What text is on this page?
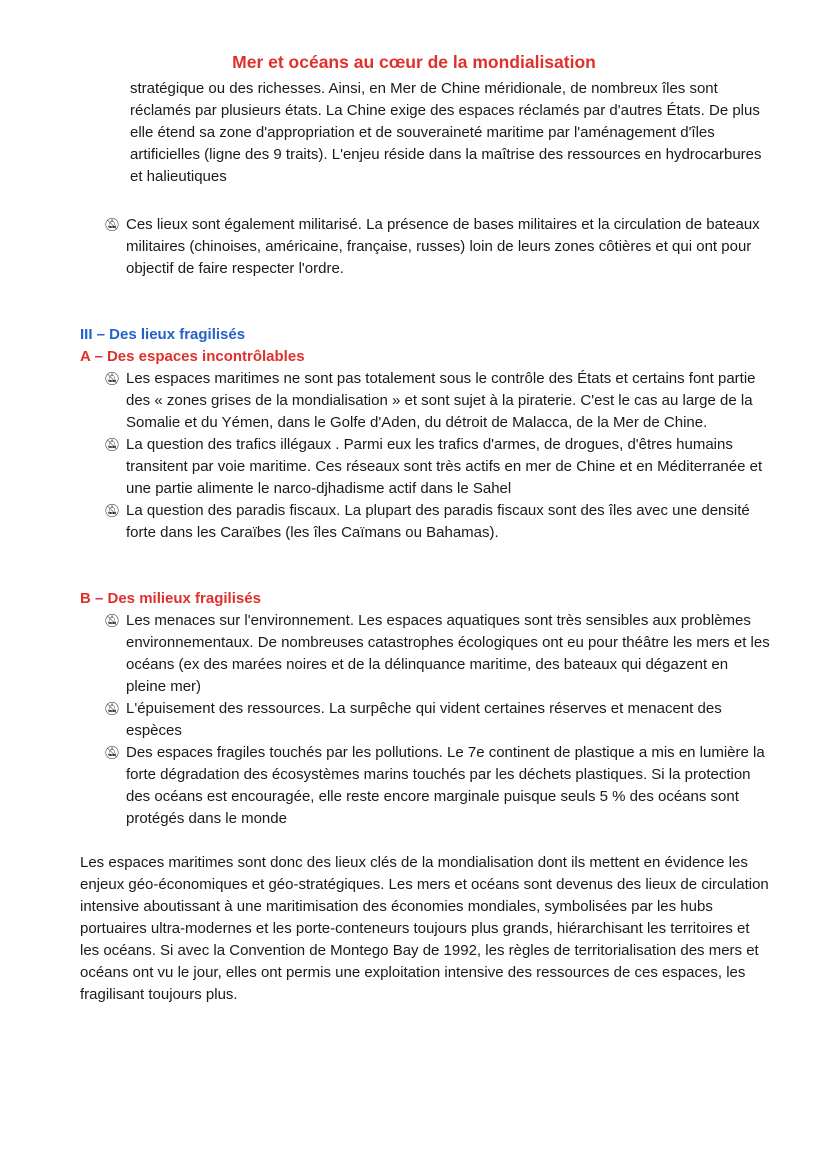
Mer et océans au cœur de la mondialisation

stratégique ou des richesses. Ainsi, en Mer de Chine méridionale, de nombreux îles sont réclamés par plusieurs états. La Chine exige des espaces réclamés par d'autres États. De plus elle étend sa zone d'appropriation et de souveraineté maritime par l'aménagement d'îles artificielles (ligne des 9 traits). L'enjeu réside dans la maîtrise des ressources en hydrocarbures et halieutiques

🔕︎ Ces lieux sont également militarisé. La présence de bases militaires et la circulation de bateaux militaires (chinoises, américaine, française, russes) loin de leurs zones côtières et qui ont pour objectif de faire respecter l'ordre.
III – Des lieux fragilisés
A – Des espaces incontrôlables
🔕︎ Les espaces maritimes ne sont pas totalement sous le contrôle des États et certains font partie des « zones grises de la mondialisation » et sont sujet à la piraterie. C'est le cas au large de la Somalie et du Yémen, dans le Golfe d'Aden, du détroit de Malacca, de la Mer de Chine.
🔕︎ La question des trafics illégaux . Parmi eux les trafics d'armes, de drogues, d'êtres humains transitent par voie maritime. Ces réseaux sont très actifs en mer de Chine et en Méditerranée et une partie alimente le narco-djhadisme actif dans le Sahel
🔕︎ La question des paradis fiscaux. La plupart des paradis fiscaux sont des îles avec une densité forte dans les Caraïbes (les îles Caïmans ou Bahamas).
B – Des milieux fragilisés
🔕︎ Les menaces sur l'environnement. Les espaces aquatiques sont très sensibles aux problèmes environnementaux. De nombreuses catastrophes écologiques ont eu pour théâtre les mers et les océans (ex des marées noires et de la délinquance maritime, des bateaux qui dégazent en pleine mer)
🔕︎ L'épuisement des ressources. La surpêche qui vident certaines réserves et menacent des espèces
🔕︎ Des espaces fragiles touchés par les pollutions. Le 7e continent de plastique a mis en lumière la forte dégradation des écosystèmes marins touchés par les déchets plastiques. Si la protection des océans est encouragée, elle reste encore marginale puisque seuls 5 % des océans sont protégés dans le monde

Les espaces maritimes sont donc des lieux clés de la mondialisation dont ils mettent en évidence les enjeux géo-économiques et géo-stratégiques. Les mers et océans sont devenus des lieux de circulation intensive aboutissant à une maritimisation des économies mondiales, symbolisées par les hubs portuaires ultra-modernes et les porte-conteneurs toujours plus grands, hiérarchisant les territoires et les océans. Si avec la Convention de Montego Bay de 1992, les règles de territorialisation des mers et océans ont vu le jour, elles ont permis une exploitation intensive des ressources de ces espaces, les fragilisant toujours plus.
